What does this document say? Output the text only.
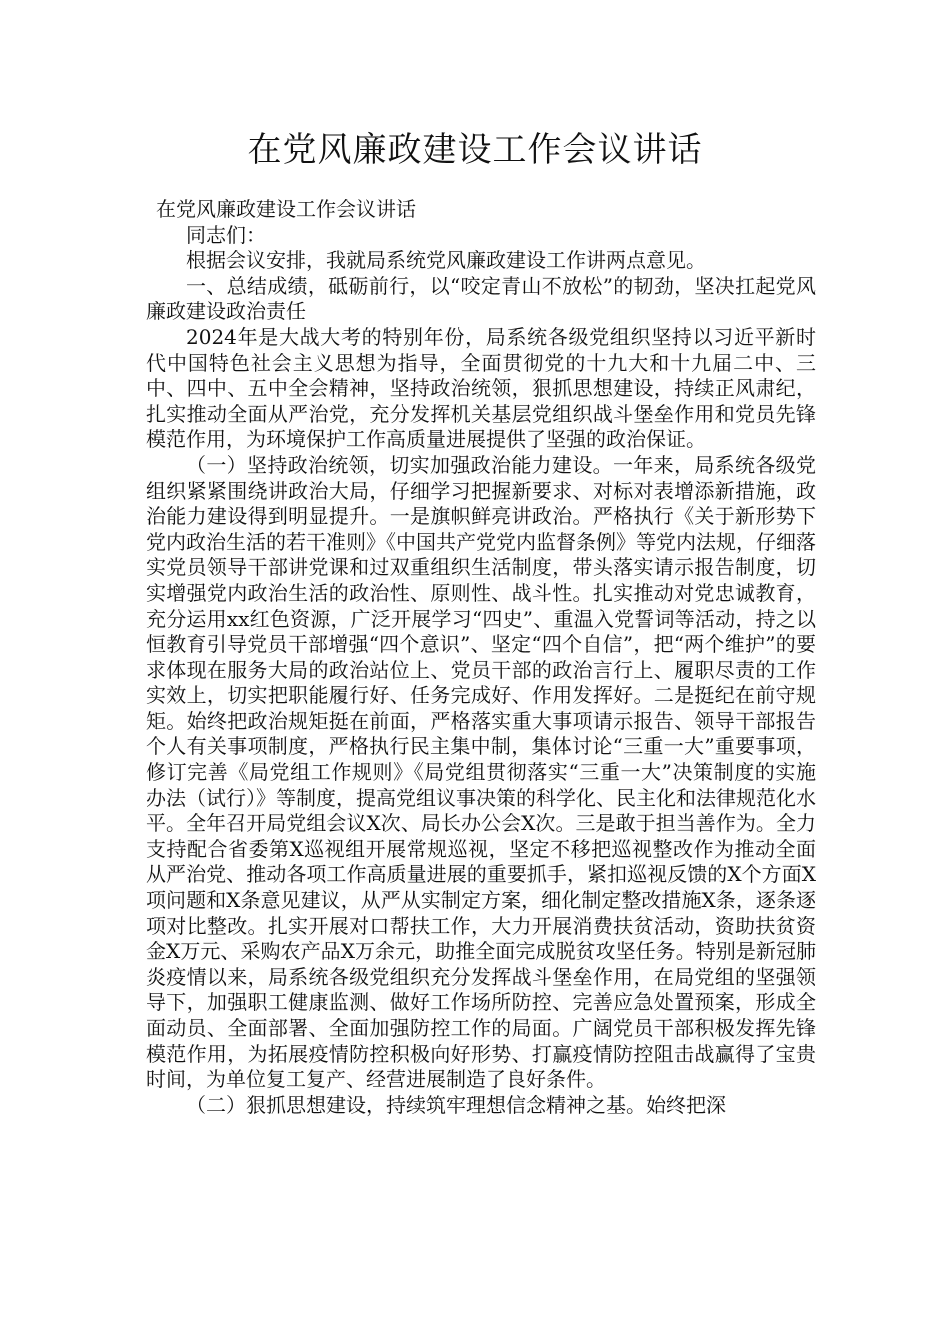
在党风廉政建设工作会议讲话

在党风廉政建设工作会议讲话

同志们：

根据会议安排，我就局系统党风廉政建设工作讲两点意见。

一、总结成绩，砥砺前行，以“咬定青山不放松”的韧劲，坚决扛起党风廉政建设政治责任

2024年是大战大考的特别年份，局系统各级党组织坚持以习近平新时代中国特色社会主义思想为指导，全面贯彻党的十九大和十九届二中、三中、四中、五中全会精神，坚持政治统领，狠抓思想建设，持续正风肃纪，扎实推动全面从严治党，充分发挥机关基层党组织战斗堡垒作用和党员先锋模范作用，为环境保护工作高质量进展提供了坚强的政治保证。

（一）坚持政治统领，切实加强政治能力建设。一年来，局系统各级党组织紧紧围绕讲政治大局，仔细学习把握新要求、对标对表增添新措施，政治能力建设得到明显提升。一是旗帜鲜亮讲政治。严格执行《关于新形势下党内政治生活的若干准则》《中国共产党党内监督条例》等党内法规，仔细落实党员领导干部讲党课和过双重组织生活制度，带头落实请示报告制度，切实增强党内政治生活的政治性、原则性、战斗性。扎实推动对党忠诚教育，充分运用xx红色资源，广泛开展学习“四史”、重温入党誓词等活动，持之以恒教育引导党员干部增强“四个意识”、坚定“四个自信”，把“两个维护”的要求体现在服务大局的政治站位上、党员干部的政治言行上、履职尽责的工作实效上，切实把职能履行好、任务完成好、作用发挥好。二是挺纪在前守规矩。始终把政治规矩挺在前面，严格落实重大事项请示报告、领导干部报告个人有关事项制度，严格执行民主集中制，集体讨论“三重一大”重要事项，修订完善《局党组工作规则》《局党组贯彻落实“三重一大”决策制度的实施办法（试行）》等制度，提高党组议事决策的科学化、民主化和法律规范化水平。全年召开局党组会议X次、局长办公会X次。三是敢于担当善作为。全力支持配合省委第X巡视组开展常规巡视，坚定不移把巡视整改作为推动全面从严治党、推动各项工作高质量进展的重要抓手，紧扣巡视反馈的X个方面X项问题和X条意见建议，从严从实制定方案，细化制定整改措施X条，逐条逐项对比整改。扎实开展对口帮扶工作，大力开展消费扶贫活动，资助扶贫资金X万元、采购农产品X万余元，助推全面完成脱贫攻坚任务。特别是新冠肺炎疫情以来，局系统各级党组织充分发挥战斗堡垒作用，在局党组的坚强领导下，加强职工健康监测、做好工作场所防控、完善应急处置预案，形成全面动员、全面部署、全面加强防控工作的局面。广阔党员干部积极发挥先锋模范作用，为拓展疫情防控积极向好形势、打赢疫情防控阻击战赢得了宝贵时间，为单位复工复产、经营进展制造了良好条件。

（二）狠抓思想建设，持续筑牢理想信念精神之基。始终把深
